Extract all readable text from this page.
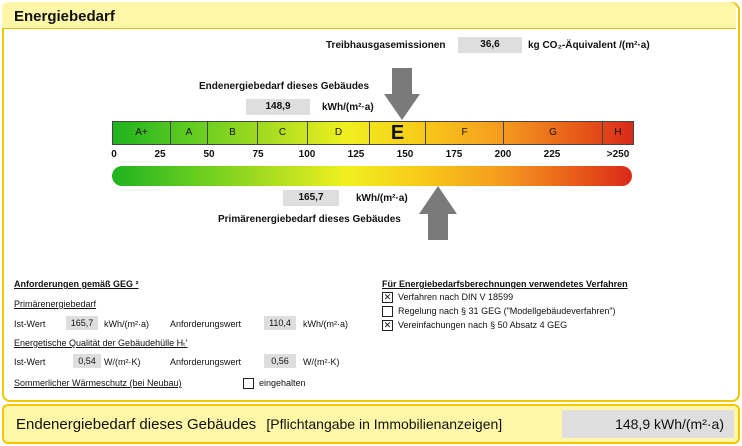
Energiebedarf
Treibhausgasemissionen	36,6	kg CO₂-Äquivalent /(m²·a)
Endenergiebedarf dieses Gebäudes
148,9	kWh/(m²·a)
A+	A	B	C	D	E	F	G	H
0	25	50	75	100	125	150	175	200	225	>250
165,7	kWh/(m²·a)
Primärenergiebedarf dieses Gebäudes
Anforderungen gemäß GEG ²
Primärenergiebedarf
Ist-Wert	165,7	kWh/(m²·a) Anforderungswert	110,4	kWh/(m²·a)
Energetische Qualität der Gebäudehülle Hₜ'
Ist-Wert	0,54 W/(m²·K)	Anforderungswert	0,56	W/(m²·K)
Sommerlicher Wärmeschutz (bei Neubau)	eingehalten
Für Energiebedarfsberechnungen verwendetes Verfahren
✕ Verfahren nach DIN V 18599
Regelung nach § 31 GEG ("Modellgebäudeverfahren")
✕ Vereinfachungen nach § 50 Absatz 4 GEG
Endenergiebedarf dieses Gebäudes [Pflichtangabe in Immobilienanzeigen]	148,9 kWh/(m²·a)
